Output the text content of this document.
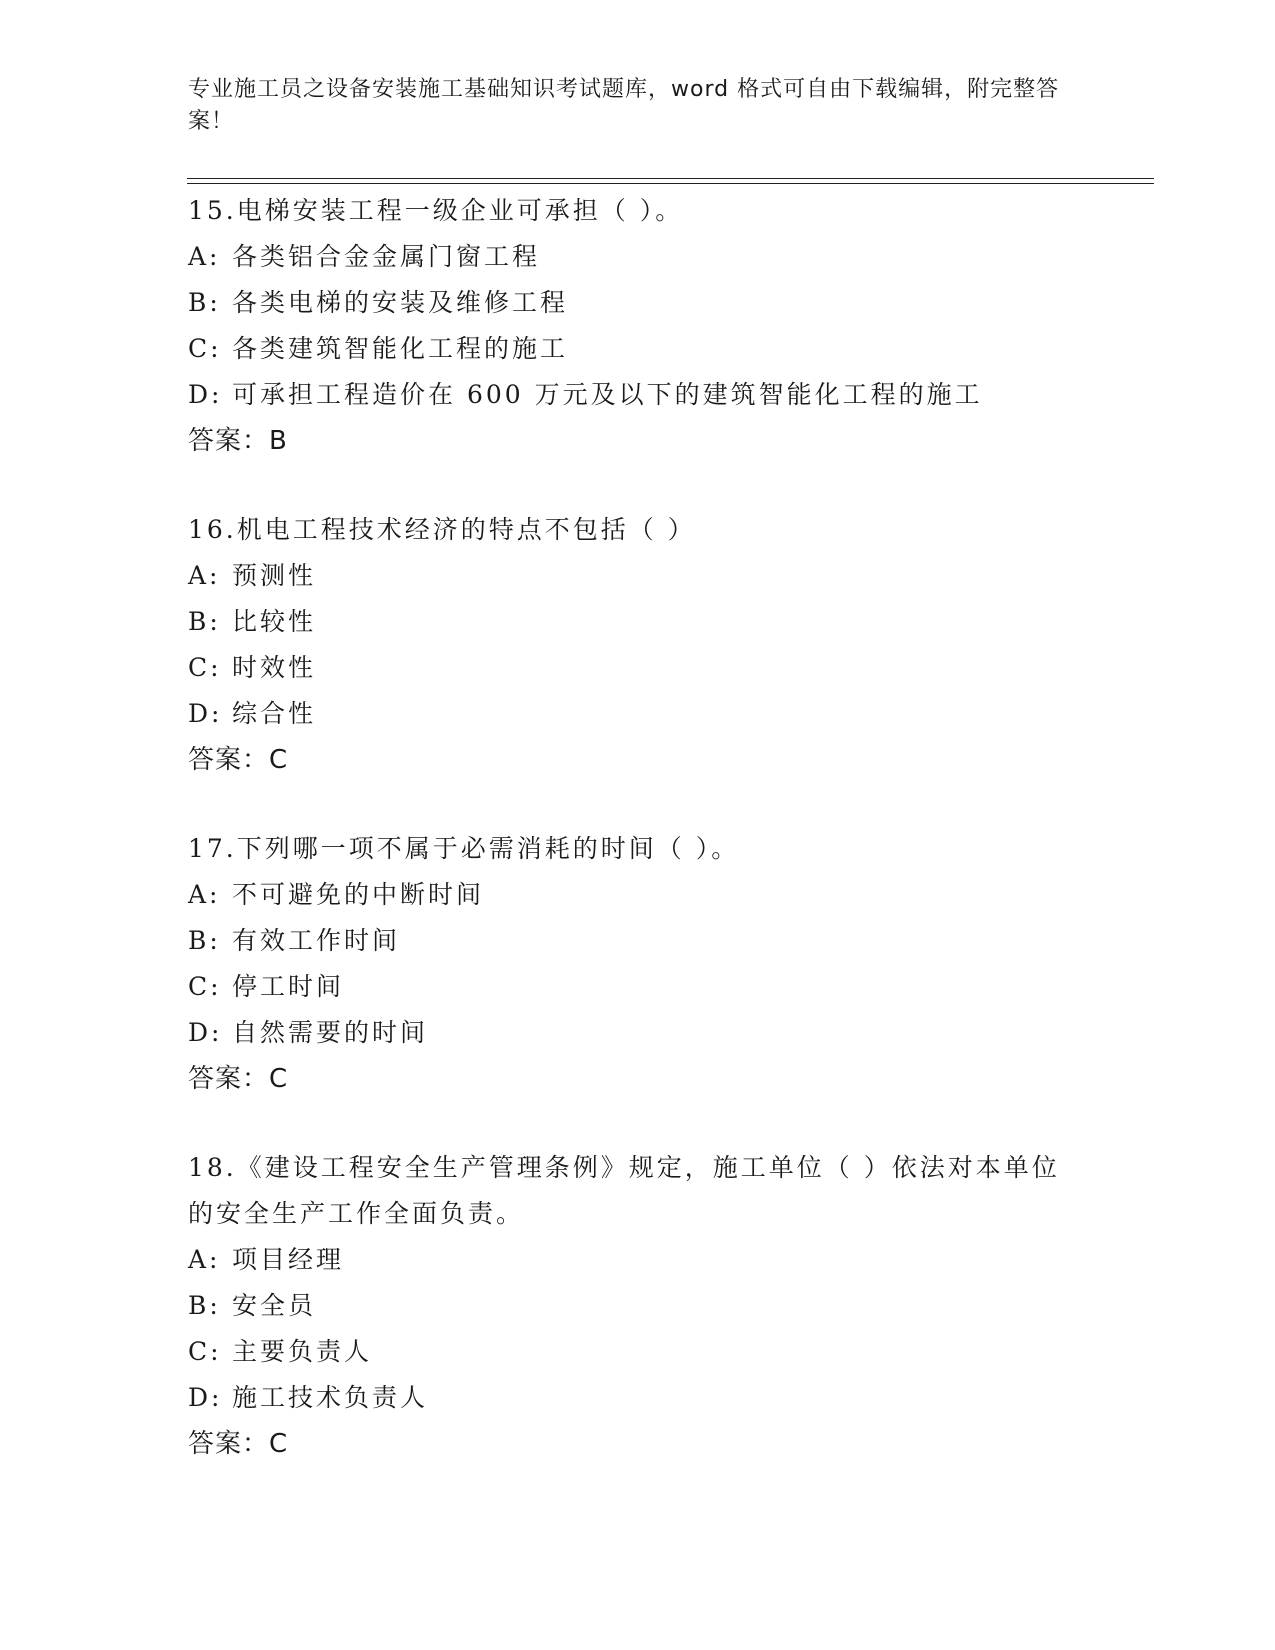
专业施工员之设备安装施工基础知识考试题库，word 格式可自由下载编辑，附完整答案！
15.电梯安装工程一级企业可承担（ ）。
A: 各类铝合金金属门窗工程
B: 各类电梯的安装及维修工程
C: 各类建筑智能化工程的施工
D: 可承担工程造价在 600 万元及以下的建筑智能化工程的施工
答案：B
16.机电工程技术经济的特点不包括（ ）
A: 预测性
B: 比较性
C: 时效性
D: 综合性
答案：C
17.下列哪一项不属于必需消耗的时间（ ）。
A: 不可避免的中断时间
B: 有效工作时间
C: 停工时间
D: 自然需要的时间
答案：C
18.《建设工程安全生产管理条例》规定，施工单位（ ）依法对本单位的安全生产工作全面负责。
A: 项目经理
B: 安全员
C: 主要负责人
D: 施工技术负责人
答案：C
